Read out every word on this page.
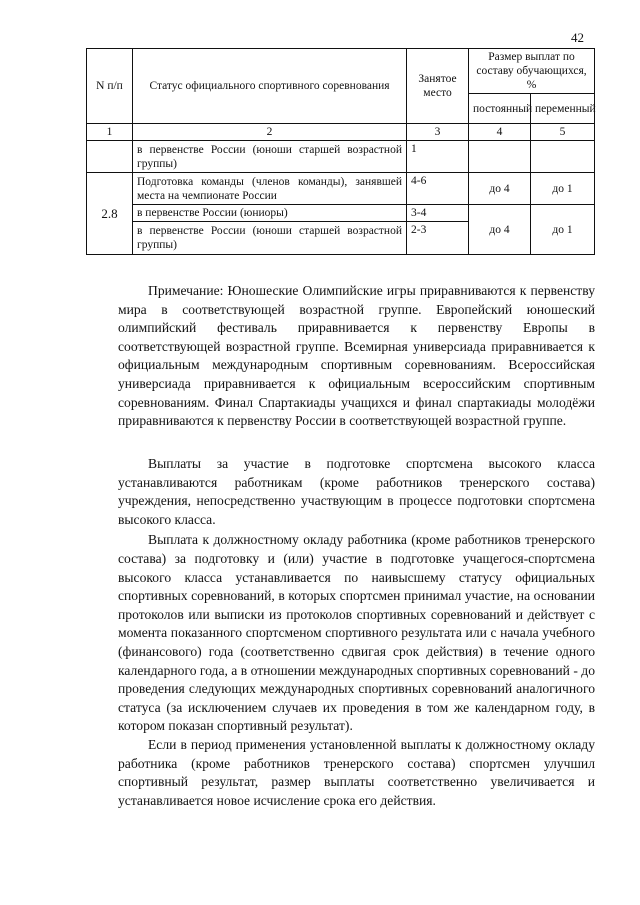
42
N п/п	Статус официального спортивного соревнования	Занятое место	Размер выплат по составу обучающихся, %	
			постоянный	переменный
1	2	3	4	5
	в первенстве России (юноши старшей возрастной группы)	1		
2.8	Подготовка команды (членов команды), занявшей места на чемпионате России	4-6	до 4	до 1
	в первенстве России (юниоры)	3-4	до 4	до 1
	в первенстве России (юноши старшей возрастной группы)	2-3		

Примечание: Юношеские Олимпийские игры приравниваются к первенству мира в соответствующей возрастной группе. Европейский юношеский олимпийский фестиваль приравнивается к первенству Европы в соответствующей возрастной группе. Всемирная универсиада приравнивается к официальным международным спортивным соревнованиям. Всероссийская универсиада приравнивается к официальным всероссийским спортивным соревнованиям. Финал Спартакиады учащихся и финал спартакиады молодёжи приравниваются к первенству России в соответствующей возрастной группе.

Выплаты за участие в подготовке спортсмена высокого класса устанавливаются работникам (кроме работников тренерского состава) учреждения, непосредственно участвующим в процессе подготовки спортсмена высокого класса.

Выплата к должностному окладу работника (кроме работников тренерского состава) за подготовку и (или) участие в подготовке учащегося-спортсмена высокого класса устанавливается по наивысшему статусу официальных спортивных соревнований, в которых спортсмен принимал участие, на основании протоколов или выписки из протоколов спортивных соревнований и действует с момента показанного спортсменом спортивного результата или с начала учебного (финансового) года (соответственно сдвигая срок действия) в течение одного календарного года, а в отношении международных спортивных соревнований - до проведения следующих международных спортивных соревнований аналогичного статуса (за исключением случаев их проведения в том же календарном году, в котором показан спортивный результат).

Если в период применения установленной выплаты к должностному окладу работника (кроме работников тренерского состава) спортсмен улучшил спортивный результат, размер выплаты соответственно увеличивается и устанавливается новое исчисление срока его действия.
